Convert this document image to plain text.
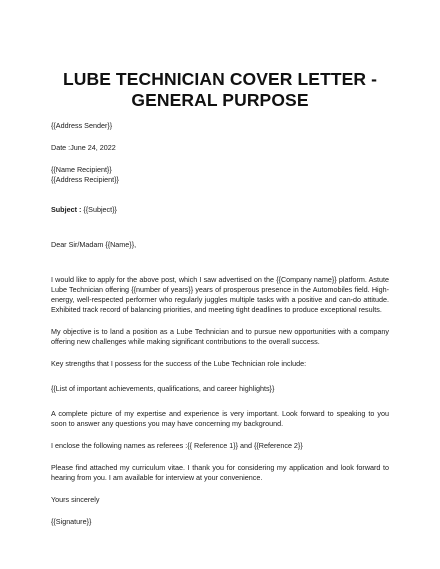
LUBE TECHNICIAN COVER LETTER -
GENERAL PURPOSE

{{Address Sender}}

Date :June 24, 2022

{{Name Recipient}}

{{Address Recipient}}

Subject : {{Subject}}

Dear Sir/Madam {{Name}},

I would like to apply for the above post, which I saw advertised on the {{Company name}} platform. Astute Lube Technician offering {{number of years}} years of prosperous presence in the Automobiles field. High-energy, well-respected performer who regularly juggles multiple tasks with a positive and can-do attitude. Exhibited track record of balancing priorities, and meeting tight deadlines to produce exceptional results.

My objective is to land a position as a Lube Technician and to pursue new opportunities with a company offering new challenges while making significant contributions to the overall success.

Key strengths that I possess for the success of the Lube Technician role include:

{{List of important achievements, qualifications, and career highlights}}

A complete picture of my expertise and experience is very important. Look forward to speaking to you soon to answer any questions you may have concerning my background.

I enclose the following names as referees :{{ Reference 1}} and {{Reference 2}}

Please find attached my curriculum vitae. I thank you for considering my application and look forward to hearing from you. I am available for interview at your convenience.

Yours sincerely

{{Signature}}
